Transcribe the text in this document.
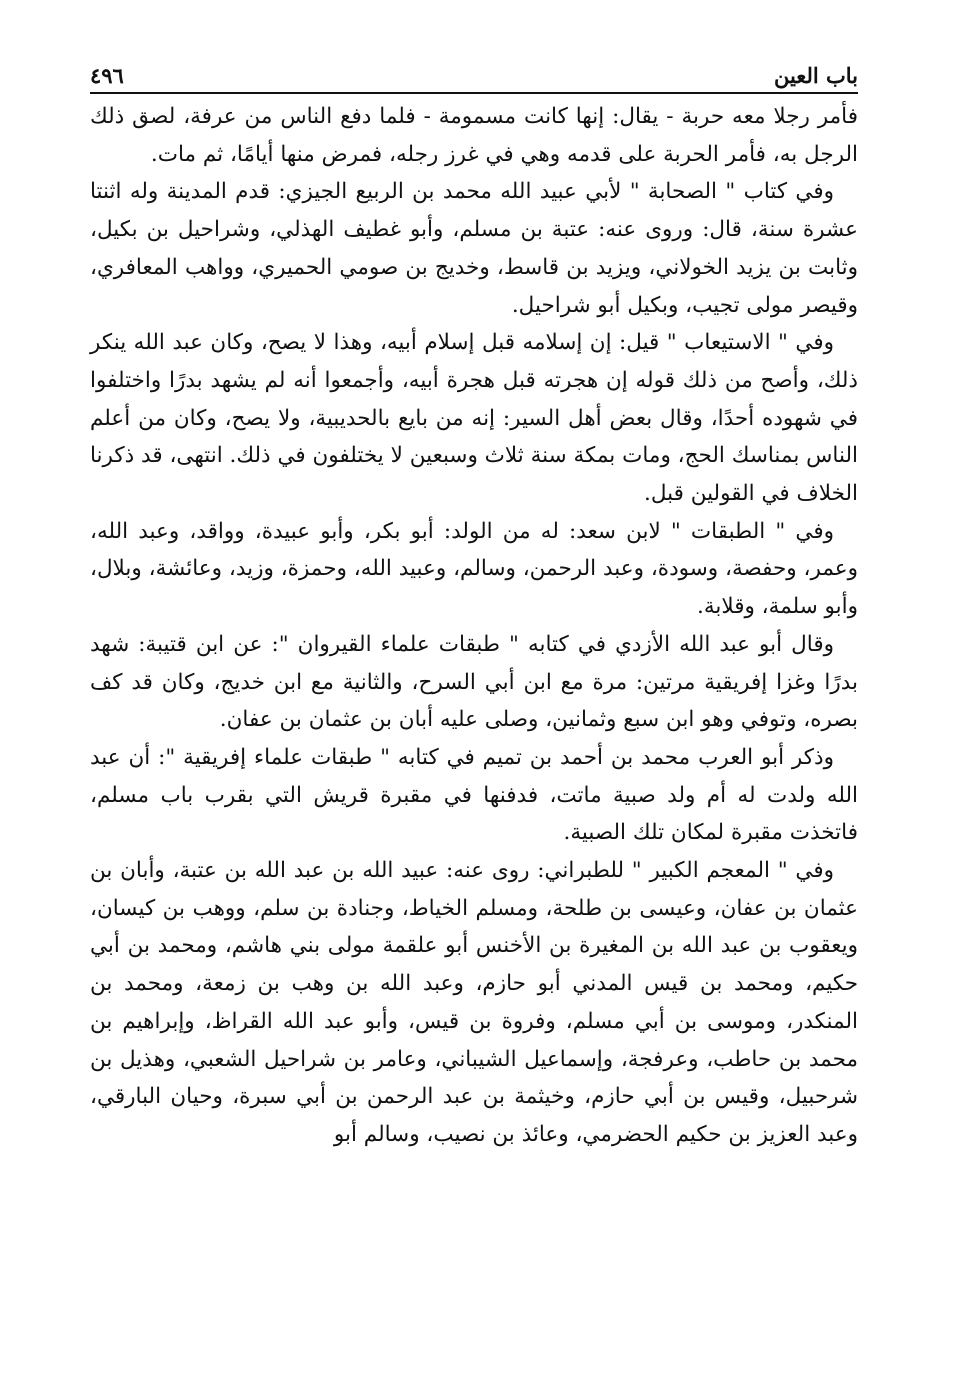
باب العين
٤٩٦

فأمر رجلا معه حربة - يقال: إنها كانت مسمومة - فلما دفع الناس من عرفة، لصق ذلك الرجل به، فأمر الحربة على قدمه وهي في غرز رجله، فمرض منها أيامًا، ثم مات.

وفي كتاب " الصحابة " لأبي عبيد الله محمد بن الربيع الجيزي: قدم المدينة وله اثنتا عشرة سنة، قال: وروى عنه: عتبة بن مسلم، وأبو غطيف الهذلي، وشراحيل بن بكيل، وثابت بن يزيد الخولاني، ويزيد بن قاسط، وخديج بن صومي الحميري، وواهب المعافري، وقيصر مولى تجيب، وبكيل أبو شراحيل.

وفي " الاستيعاب " قيل: إن إسلامه قبل إسلام أبيه، وهذا لا يصح، وكان عبد الله ينكر ذلك، وأصح من ذلك قوله إن هجرته قبل هجرة أبيه، وأجمعوا أنه لم يشهد بدرًا واختلفوا في شهوده أحدًا، وقال بعض أهل السير: إنه من بايع بالحديبية، ولا يصح، وكان من أعلم الناس بمناسك الحج، ومات بمكة سنة ثلاث وسبعين لا يختلفون في ذلك. انتهى، قد ذكرنا الخلاف في القولين قبل.

وفي " الطبقات " لابن سعد: له من الولد: أبو بكر، وأبو عبيدة، وواقد، وعبد الله، وعمر، وحفصة، وسودة، وعبد الرحمن، وسالم، وعبيد الله، وحمزة، وزيد، وعائشة، وبلال، وأبو سلمة، وقلابة.

وقال أبو عبد الله الأزدي في كتابه " طبقات علماء القيروان ": عن ابن قتيبة: شهد بدرًا وغزا إفريقية مرتين: مرة مع ابن أبي السرح، والثانية مع ابن خديج، وكان قد كف بصره، وتوفي وهو ابن سبع وثمانين، وصلى عليه أبان بن عثمان بن عفان.

وذكر أبو العرب محمد بن أحمد بن تميم في كتابه " طبقات علماء إفريقية ": أن عبد الله ولدت له أم ولد صبية ماتت، فدفنها في مقبرة قريش التي بقرب باب مسلم، فاتخذت مقبرة لمكان تلك الصبية.

وفي " المعجم الكبير " للطبراني: روى عنه: عبيد الله بن عبد الله بن عتبة، وأبان بن عثمان بن عفان، وعيسى بن طلحة، ومسلم الخياط، وجنادة بن سلم، ووهب بن كيسان، ويعقوب بن عبد الله بن المغيرة بن الأخنس أبو علقمة مولى بني هاشم، ومحمد بن أبي حكيم، ومحمد بن قيس المدني أبو حازم، وعبد الله بن وهب بن زمعة، ومحمد بن المنكدر، وموسى بن أبي مسلم، وفروة بن قيس، وأبو عبد الله القراظ، وإبراهيم بن محمد بن حاطب، وعرفجة، وإسماعيل الشيباني، وعامر بن شراحيل الشعبي، وهذيل بن شرحبيل، وقيس بن أبي حازم، وخيثمة بن عبد الرحمن بن أبي سبرة، وحيان البارقي، وعبد العزيز بن حكيم الحضرمي، وعائذ بن نصيب، وسالم أبو
